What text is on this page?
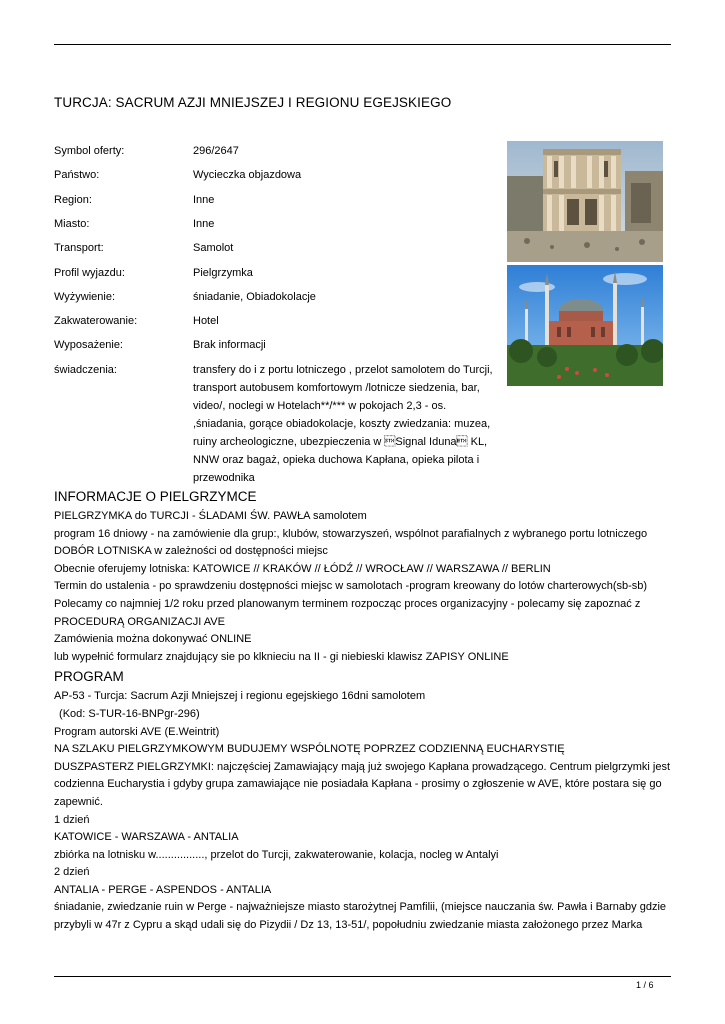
TURCJA: SACRUM AZJI MNIEJSZEJ I REGIONU EGEJSKIEGO
Symbol oferty:	296/2647
Państwo:	Wycieczka objazdowa
Region:	Inne
Miasto:	Inne
Transport:	Samolot
Profil wyjazdu:	Pielgrzymka
Wyżywienie:	śniadanie, Obiadokolacje
Zakwaterowanie:	Hotel
Wyposażenie:	Brak informacji
świadczenia:	transfery do i z portu lotniczego , przelot samolotem do Turcji, transport autobusem komfortowym /lotnicze siedzenia, bar, video/, noclegi w Hotelach**/*** w pokojach 2,3 - os. ,śniadania, gorące obiadokolacje, koszty zwiedzania: muzea, ruiny archeologiczne, ubezpieczenia w Signal Iduna KL, NNW oraz bagaż, opieka duchowa Kapłana, opieka pilota i przewodnika
INFORMACJE O PIELGRZYMCE

PIELGRZYMKA do TURCJI - ŚLADAMI ŚW. PAWŁA samolotem

program 16 dniowy - na zamówienie dla grup:, klubów, stowarzyszeń, wspólnot parafialnych z wybranego portu lotniczego

DOBÓR LOTNISKA w zależności od dostępności miejsc

Obecnie oferujemy lotniska: KATOWICE // KRAKÓW // ŁÓDŹ // WROCŁAW // WARSZAWA // BERLIN

Termin do ustalenia - po sprawdzeniu dostępności miejsc w samolotach -program kreowany do lotów charterowych(sb-sb)

Polecamy co najmniej 1/2 roku przed planowanym terminem rozpocząc proces organizacyjny - polecamy się zapoznać z PROCEDURĄ ORGANIZACJI AVE

Zamówienia można dokonywać ONLINE

lub wypełnić formularz znajdujący sie po klknieciu na II - gi niebieski klawisz ZAPISY ONLINE

PROGRAM

AP-53 - Turcja: Sacrum Azji Mniejszej i regionu egejskiego 16dni samolotem

(Kod: S-TUR-16-BNPgr-296)

Program autorski AVE (E.Weintrit)

NA SZLAKU PIELGRZYMKOWYM BUDUJEMY WSPÓLNOTĘ POPRZEZ CODZIENNĄ EUCHARYSTIĘ

DUSZPASTERZ PIELGRZYMKI: najczęściej Zamawiający mają już swojego Kapłana prowadzącego. Centrum pielgrzymki jest codzienna Eucharystia i gdyby grupa zamawiające nie posiadała Kapłana - prosimy o zgłoszenie w AVE, które postara się go zapewnić.

1 dzień

KATOWICE - WARSZAWA - ANTALIA

zbiórka na lotnisku w................, przelot do Turcji, zakwaterowanie, kolacja, nocleg w Antalyi

2 dzień

ANTALIA - PERGE - ASPENDOS - ANTALIA

śniadanie, zwiedzanie ruin w Perge - najważniejsze miasto starożytnej Pamfilii, (miejsce nauczania św. Pawła i Barnaby gdzie przybyli w 47r z Cypru a skąd udali się do Pizydii / Dz 13, 13-51/, popołudniu zwiedzanie miasta założonego przez Marka

1 / 6
